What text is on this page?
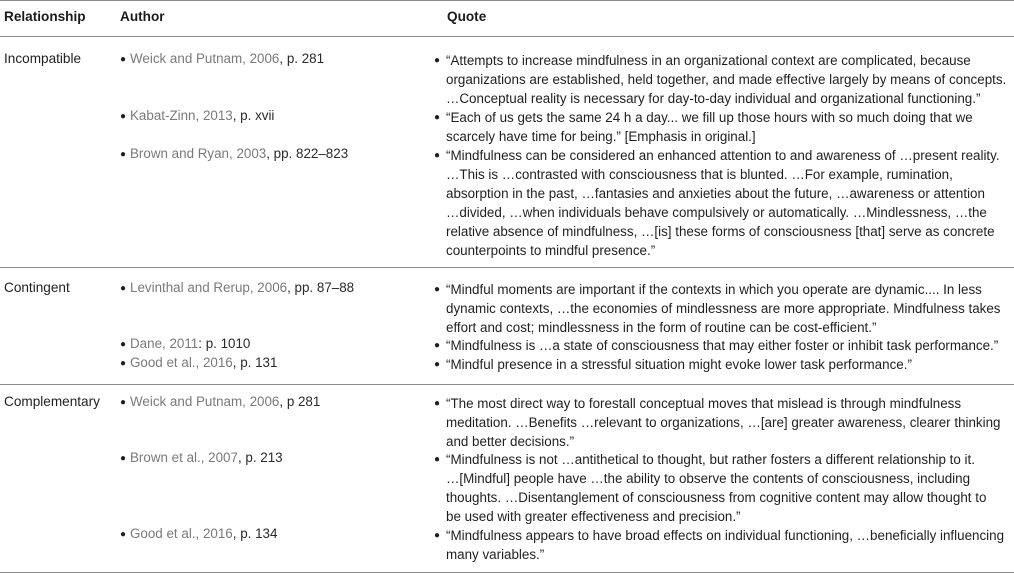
Relationship	Author	Quote
Incompatible	● Weick and Putnam, 2006, p. 281	● “Attempts to increase mindfulness in an organizational context are complicated, because
organizations are established, held together, and made effective largely by means of concepts.
…Conceptual reality is necessary for day-to-day individual and organizational functioning.”
● Kabat-Zinn, 2013, p. xvii	● “Each of us gets the same 24 h a day... we fill up those hours with so much doing that we
scarcely have time for being.” [Emphasis in original.]
● Brown and Ryan, 2003, pp. 822–823	● “Mindfulness can be considered an enhanced attention to and awareness of …present reality.
…This is …contrasted with consciousness that is blunted. …For example, rumination,
absorption in the past, …fantasies and anxieties about the future, …awareness or attention
…divided, …when individuals behave compulsively or automatically. …Mindlessness, …the
relative absence of mindfulness, …[is] these forms of consciousness [that] serve as concrete
counterpoints to mindful presence.”
Contingent	● Levinthal and Rerup, 2006, pp. 87–88	● “Mindful moments are important if the contexts in which you operate are dynamic.... In less
dynamic contexts, …the economies of mindlessness are more appropriate. Mindfulness takes
effort and cost; mindlessness in the form of routine can be cost-efficient.”
● Dane, 2011: p. 1010	● “Mindfulness is …a state of consciousness that may either foster or inhibit task performance.”
● Good et al., 2016, p. 131	● “Mindful presence in a stressful situation might evoke lower task performance.”
Complementary ● Weick and Putnam, 2006, p 281	● “The most direct way to forestall conceptual moves that mislead is through mindfulness
meditation. …Benefits …relevant to organizations, …[are] greater awareness, clearer thinking
and better decisions.”
● Brown et al., 2007, p. 213	● “Mindfulness is not …antithetical to thought, but rather fosters a different relationship to it.
…[Mindful] people have …the ability to observe the contents of consciousness, including
thoughts. …Disentanglement of consciousness from cognitive content may allow thought to
be used with greater effectiveness and precision.”
● Good et al., 2016, p. 134	● “Mindfulness appears to have broad effects on individual functioning, …beneficially influencing
many variables.”
